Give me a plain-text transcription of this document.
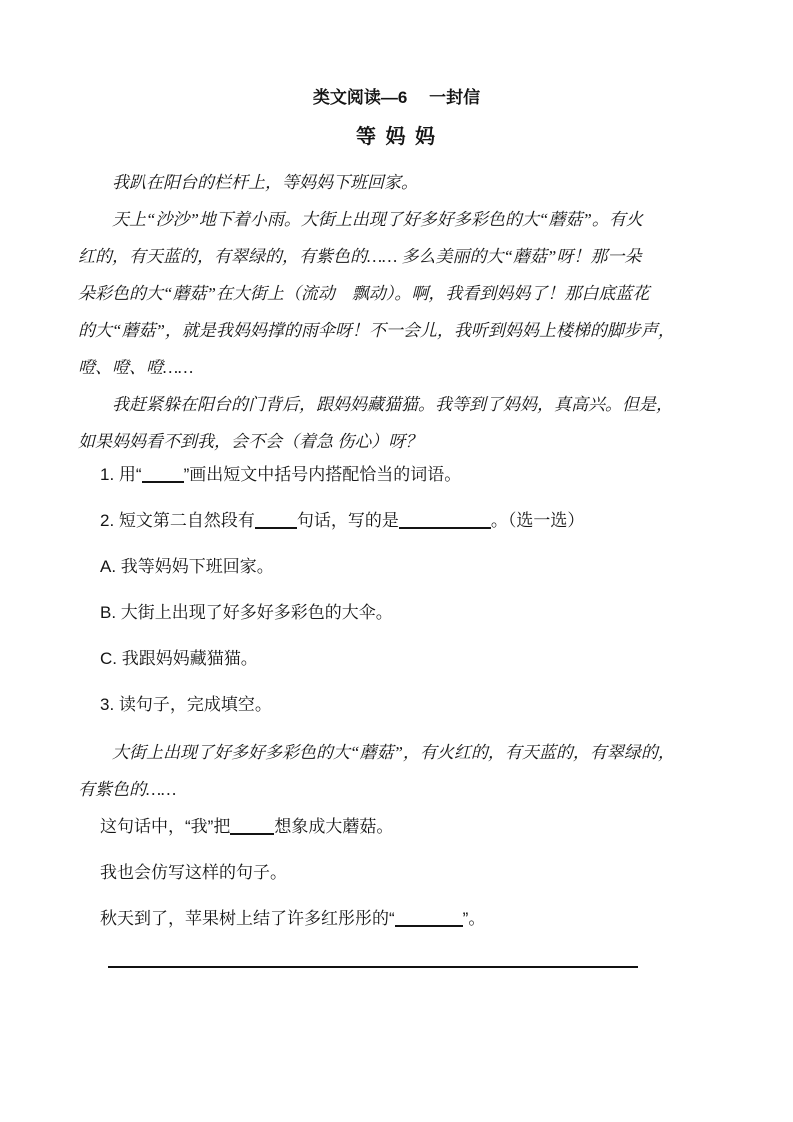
类文阅读—6　 一封信
等 妈 妈

我趴在阳台的栏杆上，等妈妈下班回家。

天上“沙沙”地下着小雨。大街上出现了好多好多彩色的大“蘑菇”。有火

红的，有天蓝的，有翠绿的，有紫色的…… 多么美丽的大“蘑菇”呀！那一朵

朵彩色的大“蘑菇”在大街上（流动　飘动）。啊，我看到妈妈了！那白底蓝花

的大“蘑菇”，就是我妈妈撑的雨伞呀！不一会儿，我听到妈妈上楼梯的脚步声，

噔、噔、噔……

我赶紧躲在阳台的门背后，跟妈妈藏猫猫。我等到了妈妈，真高兴。但是，

如果妈妈看不到我，会不会（着急 伤心）呀？

1. 用“ ”画出短文中括号内搭配恰当的词语。

2. 短文第二自然段有 句话，写的是	。（选一选）

A. 我等妈妈下班回家。

B. 大街上出现了好多好多彩色的大伞。

C. 我跟妈妈藏猫猫。

3. 读句子，完成填空。

大街上出现了好多好多彩色的大“蘑菇”，有火红的，有天蓝的，有翠绿的，

有紫色的……

这句话中，“我”把	想象成大蘑菇。

我也会仿写这样的句子。

秋天到了，苹果树上结了许多红彤彤的“	”。
